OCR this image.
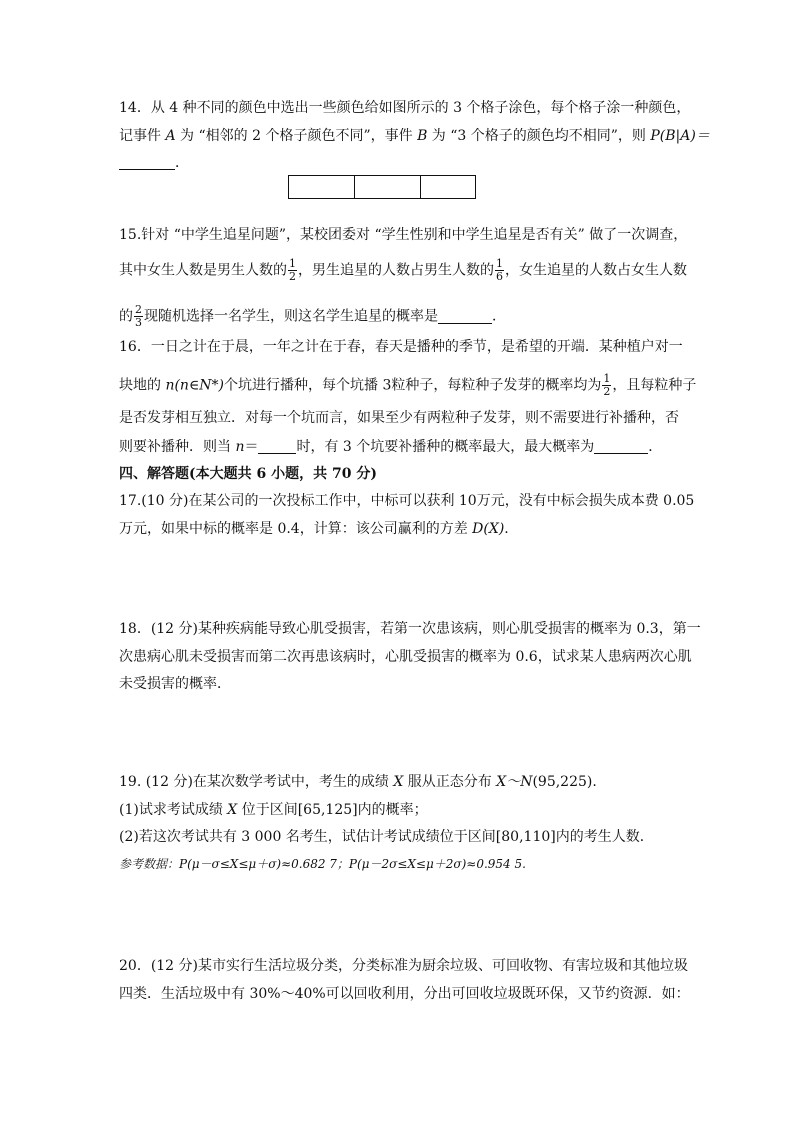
14．从 4 种不同的颜色中选出一些颜色给如图所示的 3 个格子涂色，每个格子涂一种颜色，
记事件 A 为 “相邻的 2 个格子颜色不同”，事件 B 为 “3 个格子的颜色均不相同”，则 P(B|A)＝
．
15.针对 “中学生追星问题”，某校团委对 “学生性别和中学生追星是否有关” 做了一次调查，
其中女生人数是男生人数的 $\frac{1}{2}$ ，男生追星的人数占男生人数的 $\frac{1}{6}$ ，女生追星的人数占女生人数
的 $\frac{2}{3}$ 现随机选择一名学生，则这名学生追星的概率是	．
16．一日之计在于晨，一年之计在于春，春天是播种的季节，是希望的开端．某种植户对一
块地的 n(n∈N*)个坑进行播种，每个坑播 3粒种子，每粒种子发芽的概率均为 $\frac{1}{2}$ ，且每粒种子
是否发芽相互独立．对每一个坑而言，如果至少有两粒种子发芽，则不需要进行补播种，否
则要补播种．则当 n＝	时，有 3 个坑要补播种的概率最大，最大概率为	．
四、解答题(本大题共 6 小题，共 70 分)
17.(10 分)在某公司的一次投标工作中，中标可以获利 10万元，没有中标会损失成本费 0.05
万元，如果中标的概率是 0.4，计算：该公司赢利的方差 D(X).
18．(12 分)某种疾病能导致心肌受损害，若第一次患该病，则心肌受损害的概率为 0.3，第一
次患病心肌未受损害而第二次再患该病时，心肌受损害的概率为 0.6，试求某人患病两次心肌
未受损害的概率．
19. (12 分)在某次数学考试中，考生的成绩 X 服从正态分布 X～N(95,225).
(1)试求考试成绩 X 位于区间[65,125]内的概率；
(2)若这次考试共有 3 000 名考生，试估计考试成绩位于区间[80,110]内的考生人数．
参考数据：P(μ－σ≤X≤μ＋σ)≈0.682 7；P(μ－2σ≤X≤μ＋2σ)≈0.954 5.
20．(12 分)某市实行生活垃圾分类，分类标准为厨余垃圾、可回收物、有害垃圾和其他垃圾
四类．生活垃圾中有 30%～40%可以回收利用，分出可回收垃圾既环保，又节约资源．如：
